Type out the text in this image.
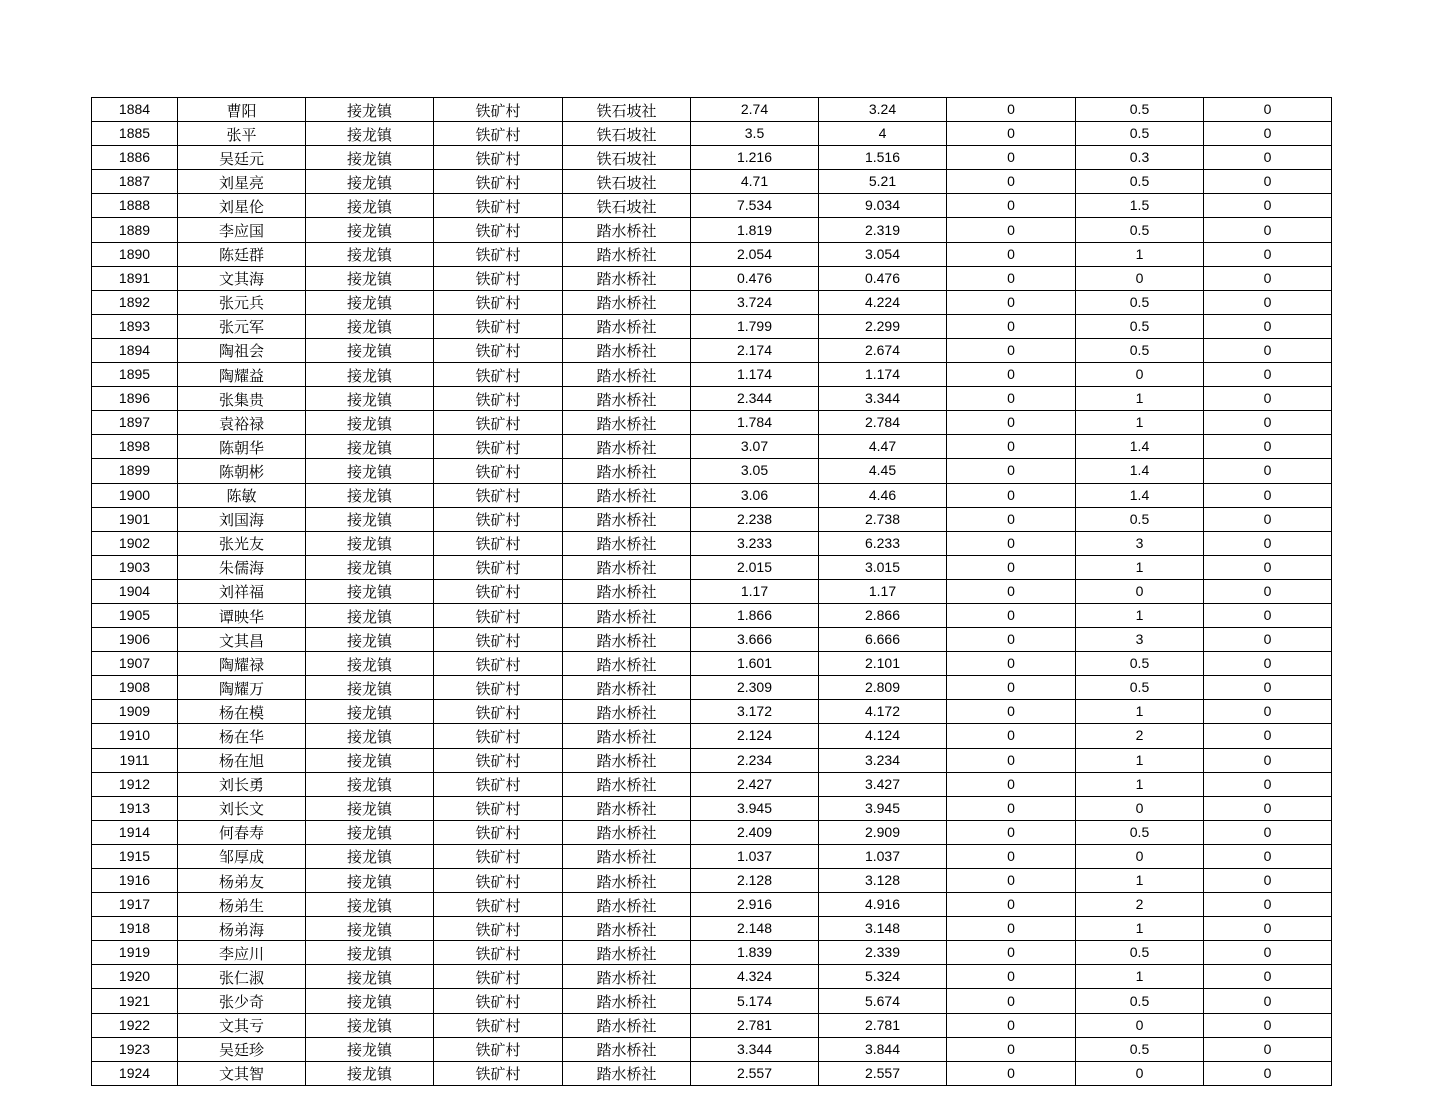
1884	曹阳	接龙镇	铁矿村	铁石坡社	2.74	3.24	0	0.5	0
1885	张平	接龙镇	铁矿村	铁石坡社	3.5	4	0	0.5	0
1886	吴廷元	接龙镇	铁矿村	铁石坡社	1.216	1.516	0	0.3	0
1887	刘星亮	接龙镇	铁矿村	铁石坡社	4.71	5.21	0	0.5	0
1888	刘星伦	接龙镇	铁矿村	铁石坡社	7.534	9.034	0	1.5	0
1889	李应国	接龙镇	铁矿村	踏水桥社	1.819	2.319	0	0.5	0
1890	陈廷群	接龙镇	铁矿村	踏水桥社	2.054	3.054	0	1	0
1891	文其海	接龙镇	铁矿村	踏水桥社	0.476	0.476	0	0	0
1892	张元兵	接龙镇	铁矿村	踏水桥社	3.724	4.224	0	0.5	0
1893	张元军	接龙镇	铁矿村	踏水桥社	1.799	2.299	0	0.5	0
1894	陶祖会	接龙镇	铁矿村	踏水桥社	2.174	2.674	0	0.5	0
1895	陶耀益	接龙镇	铁矿村	踏水桥社	1.174	1.174	0	0	0
1896	张集贵	接龙镇	铁矿村	踏水桥社	2.344	3.344	0	1	0
1897	袁裕禄	接龙镇	铁矿村	踏水桥社	1.784	2.784	0	1	0
1898	陈朝华	接龙镇	铁矿村	踏水桥社	3.07	4.47	0	1.4	0
1899	陈朝彬	接龙镇	铁矿村	踏水桥社	3.05	4.45	0	1.4	0
1900	陈敏	接龙镇	铁矿村	踏水桥社	3.06	4.46	0	1.4	0
1901	刘国海	接龙镇	铁矿村	踏水桥社	2.238	2.738	0	0.5	0
1902	张光友	接龙镇	铁矿村	踏水桥社	3.233	6.233	0	3	0
1903	朱儒海	接龙镇	铁矿村	踏水桥社	2.015	3.015	0	1	0
1904	刘祥福	接龙镇	铁矿村	踏水桥社	1.17	1.17	0	0	0
1905	谭映华	接龙镇	铁矿村	踏水桥社	1.866	2.866	0	1	0
1906	文其昌	接龙镇	铁矿村	踏水桥社	3.666	6.666	0	3	0
1907	陶耀禄	接龙镇	铁矿村	踏水桥社	1.601	2.101	0	0.5	0
1908	陶耀万	接龙镇	铁矿村	踏水桥社	2.309	2.809	0	0.5	0
1909	杨在模	接龙镇	铁矿村	踏水桥社	3.172	4.172	0	1	0
1910	杨在华	接龙镇	铁矿村	踏水桥社	2.124	4.124	0	2	0
1911	杨在旭	接龙镇	铁矿村	踏水桥社	2.234	3.234	0	1	0
1912	刘长勇	接龙镇	铁矿村	踏水桥社	2.427	3.427	0	1	0
1913	刘长文	接龙镇	铁矿村	踏水桥社	3.945	3.945	0	0	0
1914	何春寿	接龙镇	铁矿村	踏水桥社	2.409	2.909	0	0.5	0
1915	邹厚成	接龙镇	铁矿村	踏水桥社	1.037	1.037	0	0	0
1916	杨弟友	接龙镇	铁矿村	踏水桥社	2.128	3.128	0	1	0
1917	杨弟生	接龙镇	铁矿村	踏水桥社	2.916	4.916	0	2	0
1918	杨弟海	接龙镇	铁矿村	踏水桥社	2.148	3.148	0	1	0
1919	李应川	接龙镇	铁矿村	踏水桥社	1.839	2.339	0	0.5	0
1920	张仁淑	接龙镇	铁矿村	踏水桥社	4.324	5.324	0	1	0
1921	张少奇	接龙镇	铁矿村	踏水桥社	5.174	5.674	0	0.5	0
1922	文其亏	接龙镇	铁矿村	踏水桥社	2.781	2.781	0	0	0
1923	吴廷珍	接龙镇	铁矿村	踏水桥社	3.344	3.844	0	0.5	0
1924	文其智	接龙镇	铁矿村	踏水桥社	2.557	2.557	0	0	0
